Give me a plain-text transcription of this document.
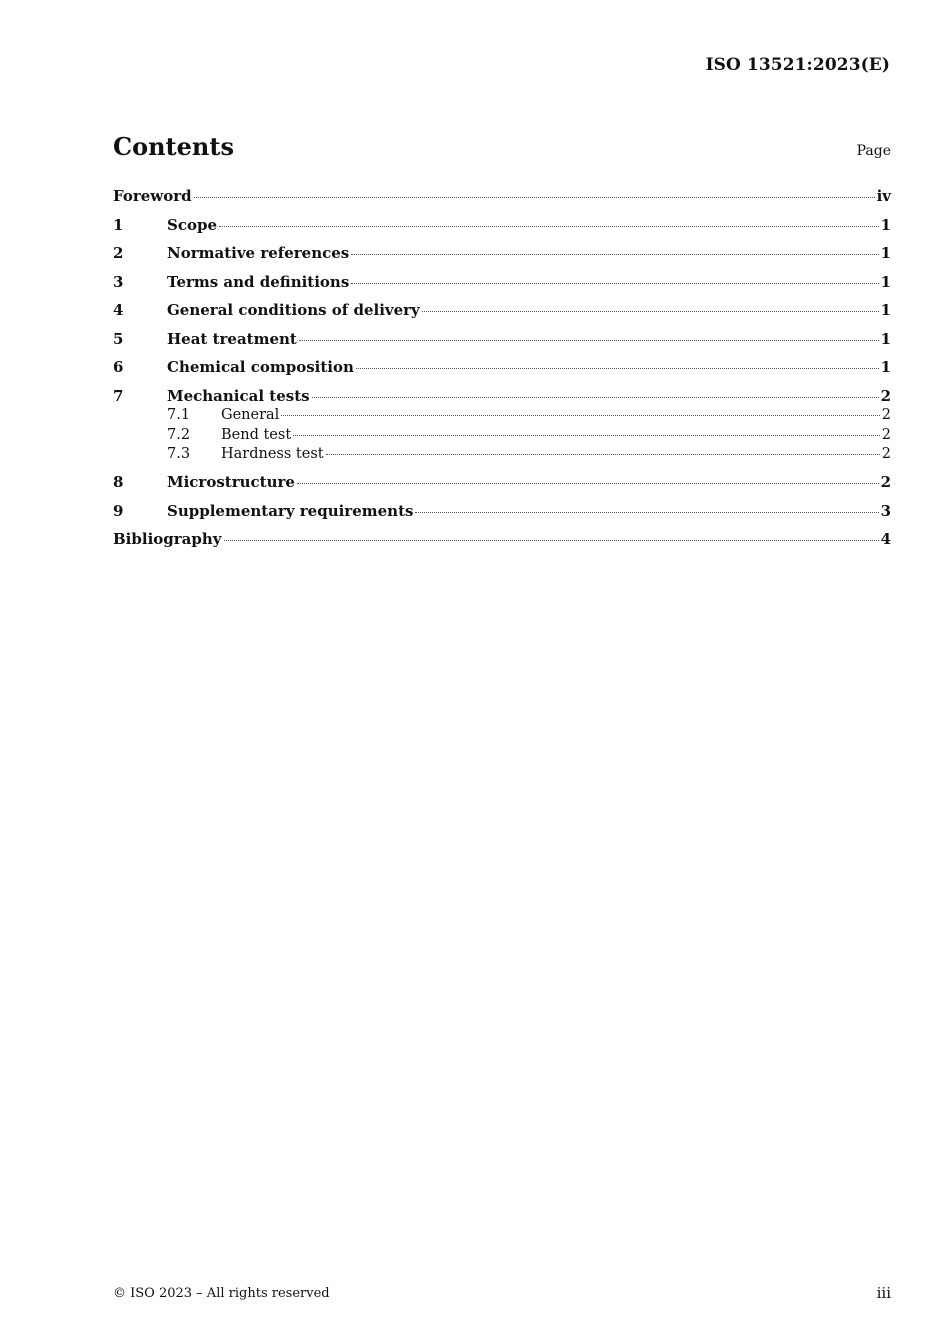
ISO 13521:2023(E)
Contents	Page
Foreword	iv
1	Scope	1
2	Normative references	1
3	Terms and definitions	1
4	General conditions of delivery	1
5	Heat treatment	1
6	Chemical composition	1
7	Mechanical tests	2
7.1	General	2
7.2	Bend test	2
7.3	Hardness test	2
8	Microstructure	2
9	Supplementary requirements	3
Bibliography	4
© ISO 2023 – All rights reserved	iii
